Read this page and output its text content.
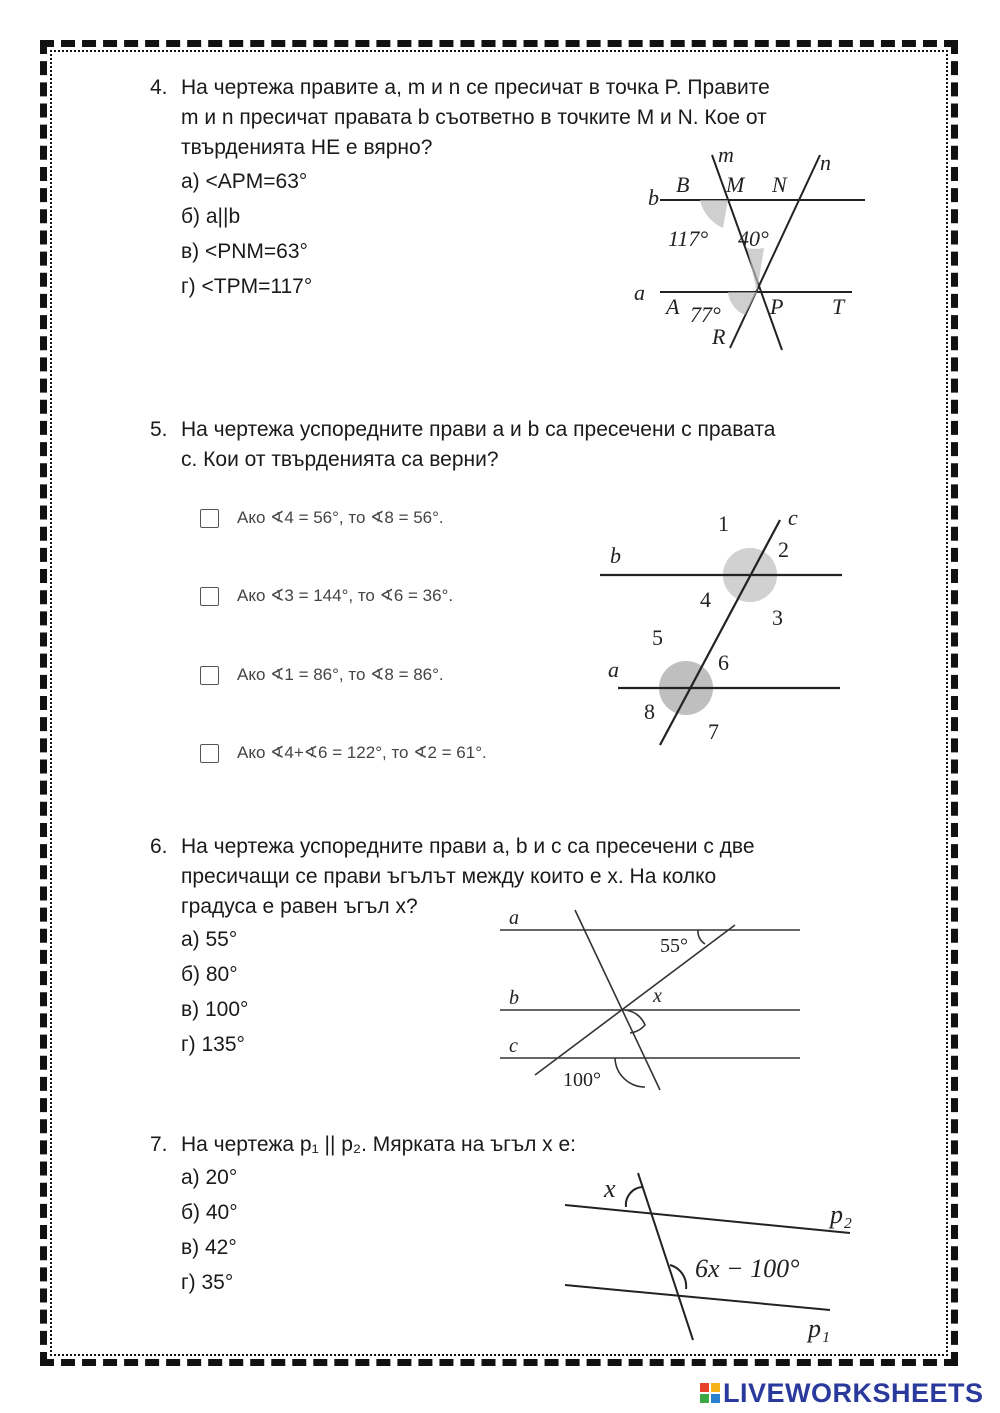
4. На чертежа правите a, m и n се пресичат в точка P. Правите
m и n пресичат правата b съответно в точките M и N. Кое от
твърденията НЕ е вярно?
а) <APM=63°
б) a||b
в) <PNM=63°
г) <TPM=117°
m	n
b
B M N
117° 40°
a
A 77° P T
R
5. На чертежа успоредните прави a и b са пресечени с правата
c. Кои от твърденията са верни?
Ако ∢4 = 56°, то ∢8 = 56°.
Ако ∢3 = 144°, то ∢6 = 36°.
Ако ∢1 = 86°, то ∢8 = 86°.
Ако ∢4+∢6 = 122°, то ∢2 = 61°.
1	c
b	2
4
3
5
6
a
8
7
6. На чертежа успоредните прави a, b и c са пресечени с две
пресичащи се прави ъгълът между които е x. На колко
градуса е равен ъгъл x?
а) 55°
б) 80°
в) 100°
г) 135°
a
55°
b	x
c
100°
7. На чертежа p₁ || p₂. Мярката на ъгъл x е:
а) 20°
б) 40°
в) 42°
г) 35°
x
p₂
6x − 100°
p₁
LIVEWORKSHEETS
